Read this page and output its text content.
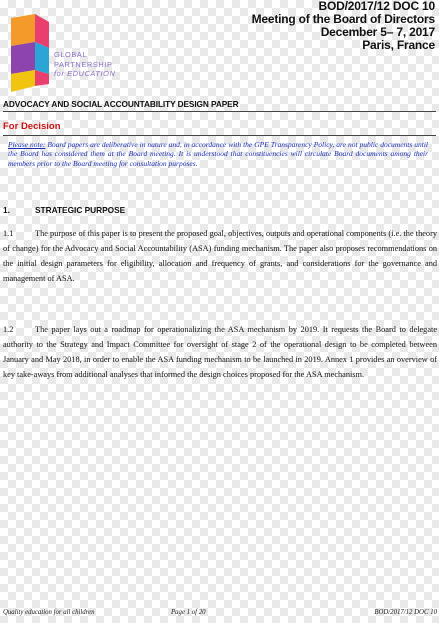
GLOBAL
PARTNERSHIP
for EDUCATION
BOD/2017/12 DOC 10
Meeting of the Board of Directors
December 5– 7, 2017
Paris, France
ADVOCACY AND SOCIAL ACCOUNTABILITY DESIGN PAPER
For Decision
Please note: Board papers are deliberative in nature and, in accordance with the GPE Transparency Policy, are not public documents until the Board has considered them at the Board meeting. It is understood that constituencies will circulate Board documents among their members prior to the Board meeting for consultation purposes.
1.	STRATEGIC PURPOSE
1.1	The purpose of this paper is to present the proposed goal, objectives, outputs and operational components (i.e. the theory of change) for the Advocacy and Social Accountability (ASA) funding mechanism. The paper also proposes recommendations on the initial design parameters for eligibility, allocation and frequency of grants, and considerations for the governance and management of ASA.
1.2	The paper lays out a roadmap for operationalizing the ASA mechanism by 2019. It requests the Board to delegate authority to the Strategy and Impact Committee for oversight of stage 2 of the operational design to be completed between January and May 2018, in order to enable the ASA funding mechanism to be launched in 2019. Annex 1 provides an overview of key take-aways from additional analyses that informed the design choices proposed for the ASA mechanism.
Quality education for all children	Page 1 of 20	BOD/2017/12 DOC 10
